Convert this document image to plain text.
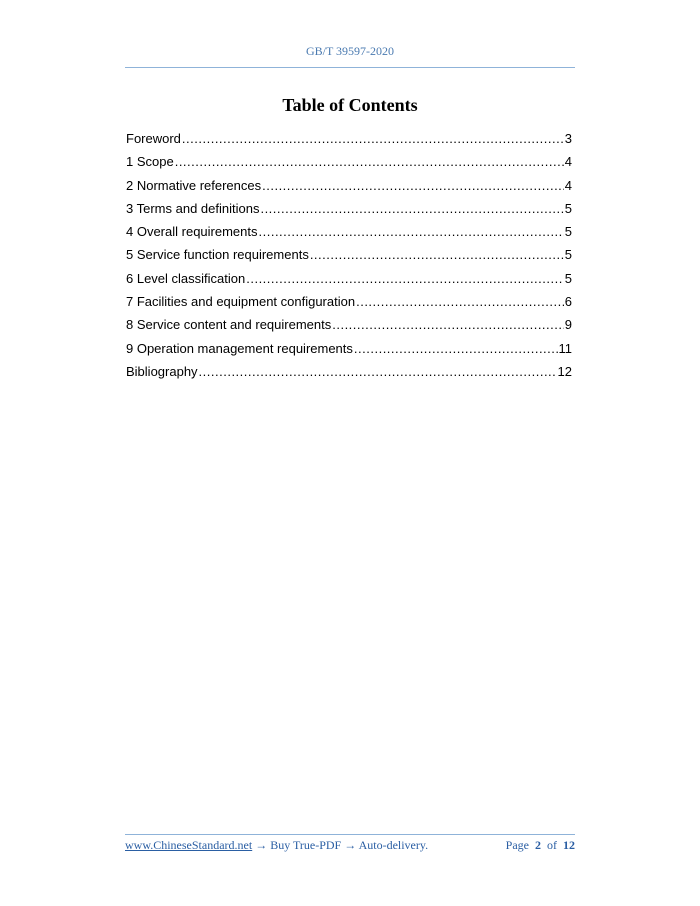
GB/T 39597-2020
Table of Contents
Foreword .....	3
1 Scope .....	4
2 Normative references .....	4
3 Terms and definitions .....	5
4 Overall requirements .....	5
5 Service function requirements .....	5
6 Level classification .....	5
7 Facilities and equipment configuration .....	6
8 Service content and requirements .....	9
9 Operation management requirements .....	11
Bibliography .....	12
www.ChineseStandard.net → Buy True-PDF → Auto-delivery.	Page 2 of 12
